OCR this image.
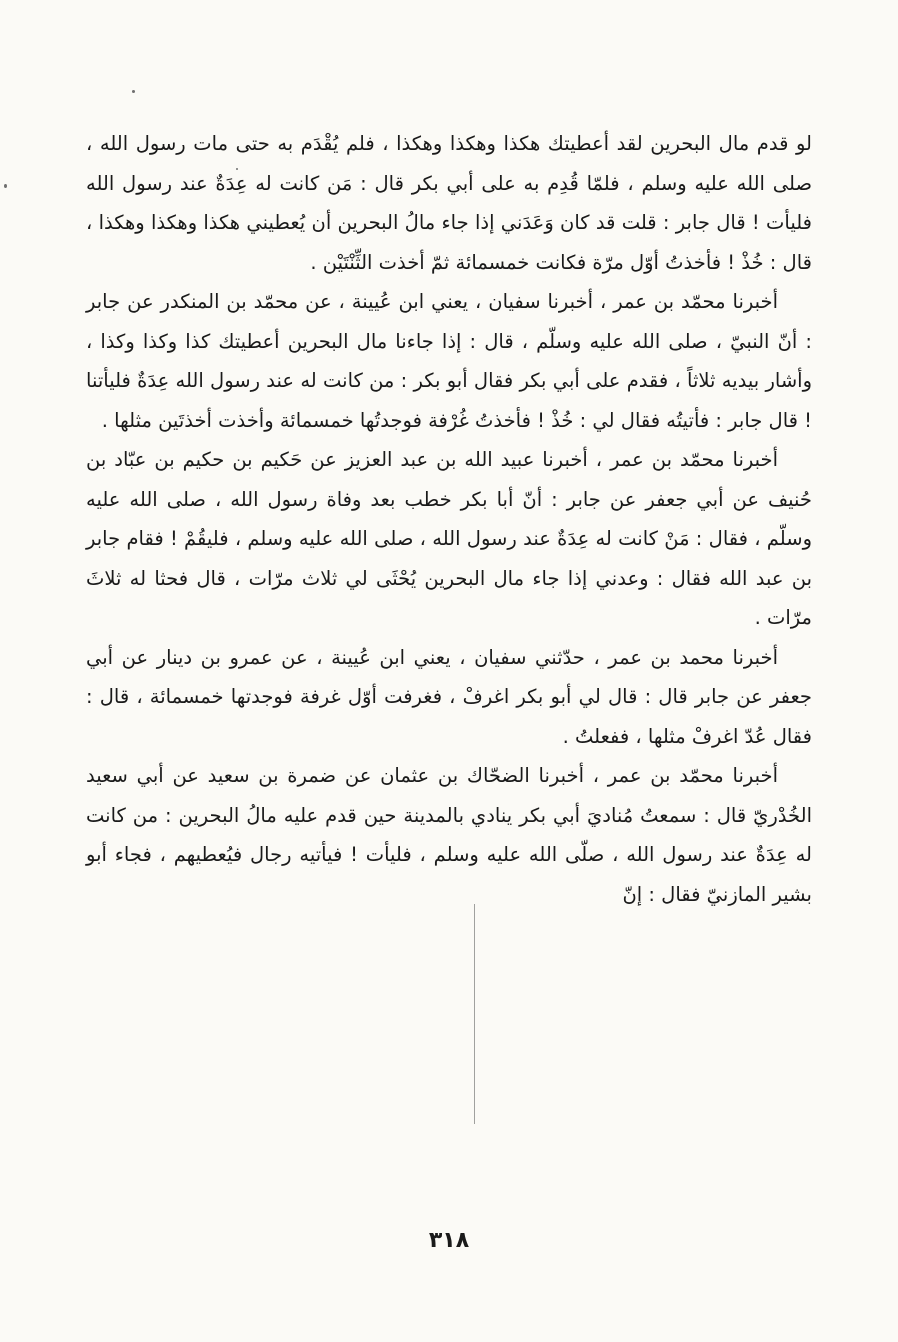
لو قدم مال البحرين لقد أعطيتك هكذا وهكذا وهكذا ، فلم يُقْدَم به حتى مات رسول الله ، صلى الله عليه وسلم ، فلمّا قُدِم به على أبي بكر قال : مَن كانت له عِدَةٌ عند رسول الله فليأت ! قال جابر : قلت قد كان وَعَدَني إذا جاء مالُ البحرين أن يُعطيني هكذا وهكذا وهكذا ، قال : خُذْ ! فأخذتُ أوّل مرّة فكانت خمسمائة ثمّ أخذت الثِّنْتَيْن .

أخبرنا محمّد بن عمر ، أخبرنا سفيان ، يعني ابن عُيينة ، عن محمّد بن المنكدر عن جابر : أنّ النبيّ ، صلى الله عليه وسلّم ، قال : إذا جاءنا مال البحرين أعطيتك كذا وكذا وكذا ، وأشار بيديه ثلاثاً ، فقدم على أبي بكر فقال أبو بكر : من كانت له عند رسول الله عِدَةٌ فليأتنا ! قال جابر : فأتيتُه فقال لي : خُذْ ! فأخذتُ غُرْفة فوجدتُها خمسمائة وأخذت أخذتَين مثلها .

أخبرنا محمّد بن عمر ، أخبرنا عبيد الله بن عبد العزيز عن حَكيم بن حكيم بن عبّاد بن حُنيف عن أبي جعفر عن جابر : أنّ أبا بكر خطب بعد وفاة رسول الله ، صلى الله عليه وسلّم ، فقال : مَنْ كانت له عِدَةٌ عند رسول الله ، صلى الله عليه وسلم ، فليقُمْ ! فقام جابر بن عبد الله فقال : وعدني إذا جاء مال البحرين يُحْثَى لي ثلاث مرّات ، قال فحثا له ثلاثَ مرّات .

أخبرنا محمد بن عمر ، حدّثني سفيان ، يعني ابن عُيينة ، عن عمرو بن دينار عن أبي جعفر عن جابر قال : قال لي أبو بكر اغرفْ ، فغرفت أوّل غرفة فوجدتها خمسمائة ، قال : فقال عُدّ اغرفْ مثلها ، ففعلتُ .

أخبرنا محمّد بن عمر ، أخبرنا الضحّاك بن عثمان عن ضمرة بن سعيد عن أبي سعيد الخُدْريّ قال : سمعتُ مُناديَ أبي بكر ينادي بالمدينة حين قدم عليه مالُ البحرين : من كانت له عِدَةٌ عند رسول الله ، صلّى الله عليه وسلم ، فليأت ! فيأتيه رجال فيُعطيهم ، فجاء أبو بشير المازنيّ فقال : إنّ

٣١٨
